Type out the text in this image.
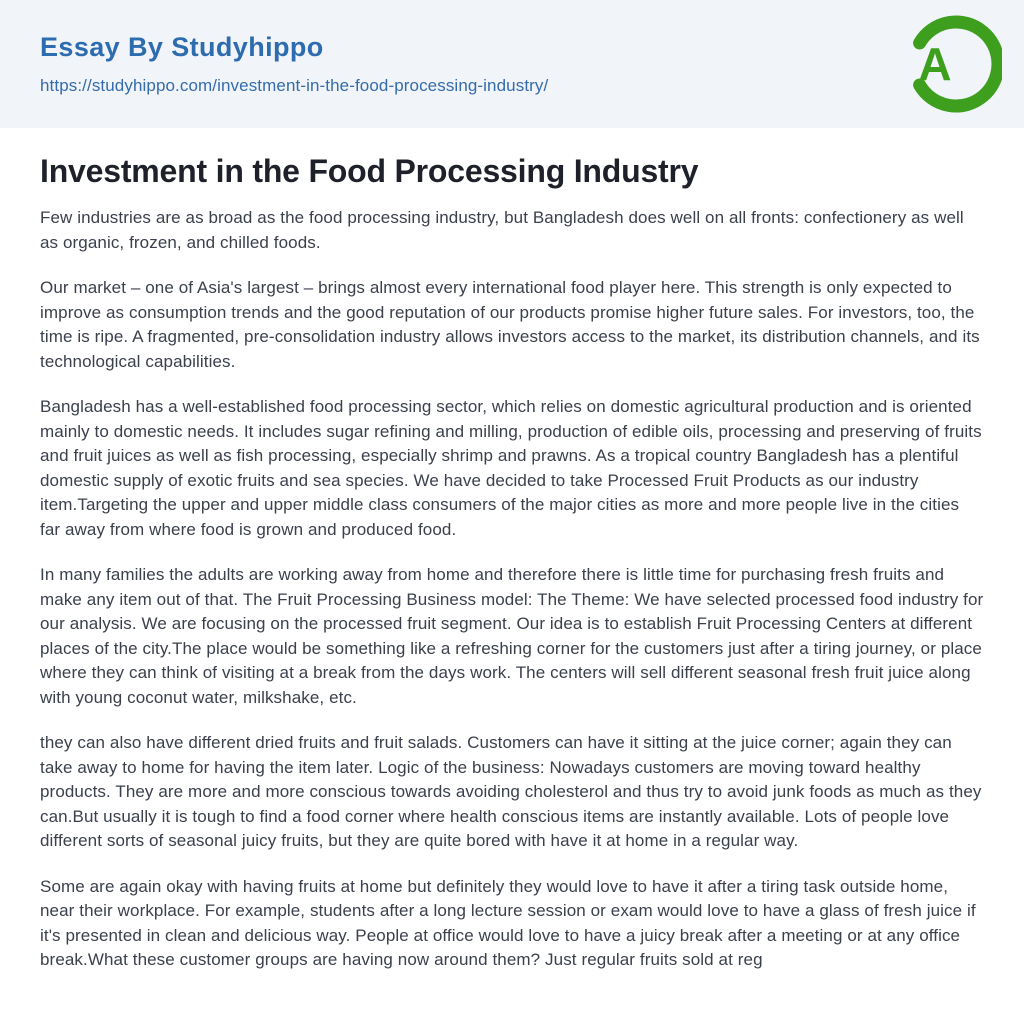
Essay By Studyhippo
https://studyhippo.com/investment-in-the-food-processing-industry/	A
Investment in the Food Processing Industry

Few industries are as broad as the food processing industry, but Bangladesh does well on all fronts: confectionery as well as organic, frozen, and chilled foods.

Our market – one of Asia's largest – brings almost every international food player here. This strength is only expected to improve as consumption trends and the good reputation of our products promise higher future sales. For investors, too, the time is ripe. A fragmented, pre-consolidation industry allows investors access to the market, its distribution channels, and its technological capabilities.

Bangladesh has a well-established food processing sector, which relies on domestic agricultural production and is oriented mainly to domestic needs. It includes sugar refining and milling, production of edible oils, processing and preserving of fruits and fruit juices as well as fish processing, especially shrimp and prawns. As a tropical country Bangladesh has a plentiful domestic supply of exotic fruits and sea species. We have decided to take Processed Fruit Products as our industry item.Targeting the upper and upper middle class consumers of the major cities as more and more people live in the cities far away from where food is grown and produced food.

In many families the adults are working away from home and therefore there is little time for purchasing fresh fruits and make any item out of that. The Fruit Processing Business model: The Theme: We have selected processed food industry for our analysis. We are focusing on the processed fruit segment. Our idea is to establish Fruit Processing Centers at different places of the city.The place would be something like a refreshing corner for the customers just after a tiring journey, or place where they can think of visiting at a break from the days work. The centers will sell different seasonal fresh fruit juice along with young coconut water, milkshake, etc.

they can also have different dried fruits and fruit salads. Customers can have it sitting at the juice corner; again they can take away to home for having the item later. Logic of the business: Nowadays customers are moving toward healthy products. They are more and more conscious towards avoiding cholesterol and thus try to avoid junk foods as much as they can.But usually it is tough to find a food corner where health conscious items are instantly available. Lots of people love different sorts of seasonal juicy fruits, but they are quite bored with have it at home in a regular way.

Some are again okay with having fruits at home but definitely they would love to have it after a tiring task outside home, near their workplace. For example, students after a long lecture session or exam would love to have a glass of fresh juice if it's presented in clean and delicious way. People at office would love to have a juicy break after a meeting or at any office break.What these customer groups are having now around them? Just regular fruits sold at reg
